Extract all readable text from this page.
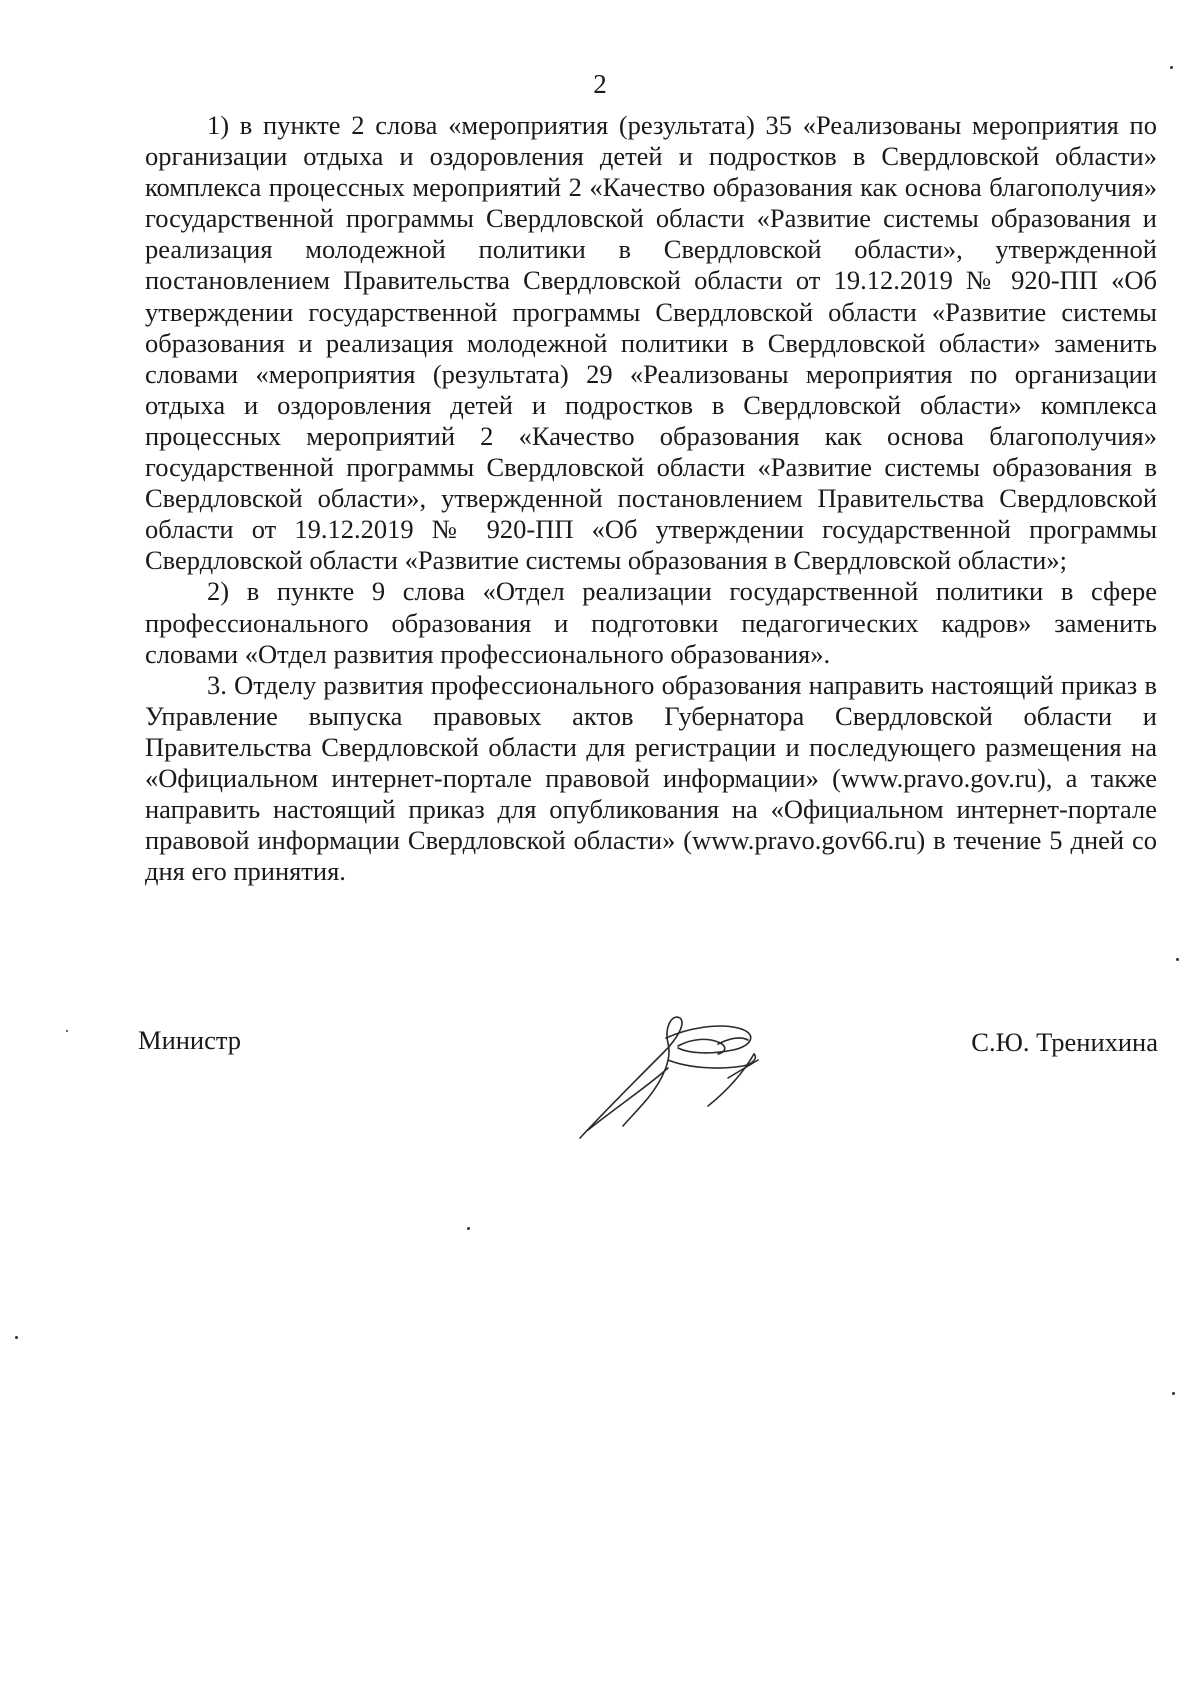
2

1) в пункте 2 слова «мероприятия (результата) 35 «Реализованы мероприятия по организации отдыха и оздоровления детей и подростков в Свердловской области» комплекса процессных мероприятий 2 «Качество образования как основа благополучия» государственной программы Свердловской области «Развитие системы образования и реализация молодежной политики в Свердловской области», утвержденной постановлением Правительства Свердловской области от 19.12.2019 № 920-ПП «Об утверждении государственной программы Свердловской области «Развитие системы образования и реализация молодежной политики в Свердловской области» заменить словами «мероприятия (результата) 29 «Реализованы мероприятия по организации отдыха и оздоровления детей и подростков в Свердловской области» комплекса процессных мероприятий 2 «Качество образования как основа благополучия» государственной программы Свердловской области «Развитие системы образования в Свердловской области», утвержденной постановлением Правительства Свердловской области от 19.12.2019 № 920-ПП «Об утверждении государственной программы Свердловской области «Развитие системы образования в Свердловской области»;

2) в пункте 9 слова «Отдел реализации государственной политики в сфере профессионального образования и подготовки педагогических кадров» заменить словами «Отдел развития профессионального образования».

3. Отделу развития профессионального образования направить настоящий приказ в Управление выпуска правовых актов Губернатора Свердловской области и Правительства Свердловской области для регистрации и последующего размещения на «Официальном интернет-портале правовой информации» (www.pravo.gov.ru), а также направить настоящий приказ для опубликования на «Официальном интернет-портале правовой информации Свердловской области» (www.pravo.gov66.ru) в течение 5 дней со дня его принятия.

Министр	С.Ю. Тренихина
